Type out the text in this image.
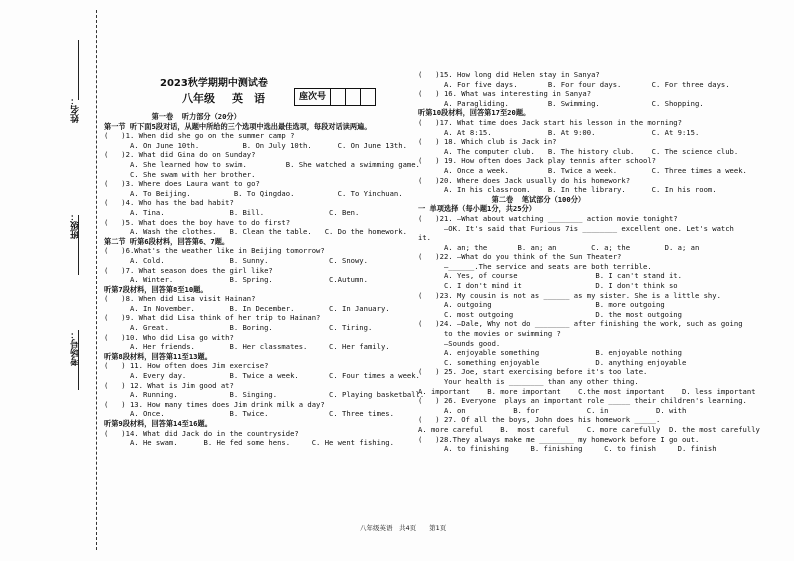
姓名：
班级：
考场号：
2023秋学期期中测试卷
八年级 英　语	座次号
第一卷  听力部分（20分）
第一节 听下面5段对话，从题中所给的三个选项中选出最佳选项，每段对话读两遍。
(   )1. When did she go on the summer camp ?
A. On June 10th.          B. On July 10th.      C. On June 13th.
(   )2. What did Gina do on Sunday?
A. She learned how to swim.         B. She watched a swimming game.
C. She swam with her brother.
(   )3. Where does Laura want to go?
A. To Beijing.          B. To Qingdao.          C. To Yinchuan.
(   )4. Who has the bad habit?
A. Tina.               B. Bill.               C. Ben.
(   )5. What does the boy have to do first?
A. Wash the clothes.   B. Clean the table.   C. Do the homework.
第二节 听第6段材料，回答第6、7题。
(   )6.What's the weather like in Beijing tomorrow?
A. Cold.               B. Sunny.              C. Snowy.
(   )7. What season does the girl like?
A. Winter.             B. Spring.             C.Autumn.
听第7段材料，回答第8至10题。
(   )8. When did Lisa visit Hainan?
A. In November.        B. In December.        C. In January.
(   )9. What did Lisa think of her trip to Hainan?
A. Great.              B. Boring.             C. Tiring.
(   )10. Who did Lisa go with?
A. Her friends.        B. Her classmates.     C. Her family.
听第8段材料，回答第11至13题。
(   ) 11. How often does Jim exercise?
A. Every day.          B. Twice a week.       C. Four times a week.
(   ) 12. What is Jim good at?
A. Running.            B. Singing.            C. Playing basketball.
(   ) 13. How many times does Jim drink milk a day?
A. Once.               B. Twice.              C. Three times.
听第9段材料，回答第14至16题。
(   )14. What did Jack do in the countryside?
A. He swam.      B. He fed some hens.     C. He went fishing.
(   )15. How long did Helen stay in Sanya?
A. For five days.       B. For four days.       C. For three days.
(   ) 16. What was interesting in Sanya?
A. Paragliding.         B. Swimming.            C. Shopping.
听第10段材料，回答第17至20题。
(   )17. What time does Jack start his lesson in the morning?
A. At 8:15.             B. At 9:00.             C. At 9:15.
(   ) 18. Which club is Jack in?
A. The computer club.   B. The history club.    C. The science club.
(   ) 19. How often does Jack play tennis after school?
A. Once a week.         B. Twice a week.        C. Three times a week.
(   )20. Where does Jack usually do his homework?
A. In his classroom.    B. In the library.      C. In his room.
第二卷  笔试部分（100分）
一 单项选择（每小题1分，共25分）
(   )21. —What about watching ________ action movie tonight?
—OK. It's said that Furious 7is ________ excellent one. Let's watch
it.
A. an; the       B. an; an        C. a; the        D. a; an
(   )22. —What do you think of the Sun Theater?
—______.The service and seats are both terrible.
A. Yes, of course                  B. I can't stand it.
C. I don't mind it                 D. I don't think so
(   )23. My cousin is not as ______ as my sister. She is a little shy.
A. outgoing                        B. more outgoing
C. most outgoing                   D. the most outgoing
(   )24. —Dale, Why not do ________ after finishing the work, such as going
to the movies or swimming ?
—Sounds good.
A. enjoyable something             B. enjoyable nothing
C. something enjoyable             D. anything enjoyable
(   ) 25. Joe, start exercising before it's too late.
Your health is ________ than any other thing.
A. important    B. more important    C.the most important    D. less important
(   ) 26. Everyone  plays an important role _____ their children's learning.
A. on           B. for           C. in           D. with
(   ) 27. Of all the boys, John does his homework _____.
A. more careful    B.  most careful    C. more carefully  D. the most carefully
(   )28.They always make me ________ my homework before I go out.
A. to finishing     B. finishing     C. to finish     D. finish
八年级英语　共4页　　第1页
